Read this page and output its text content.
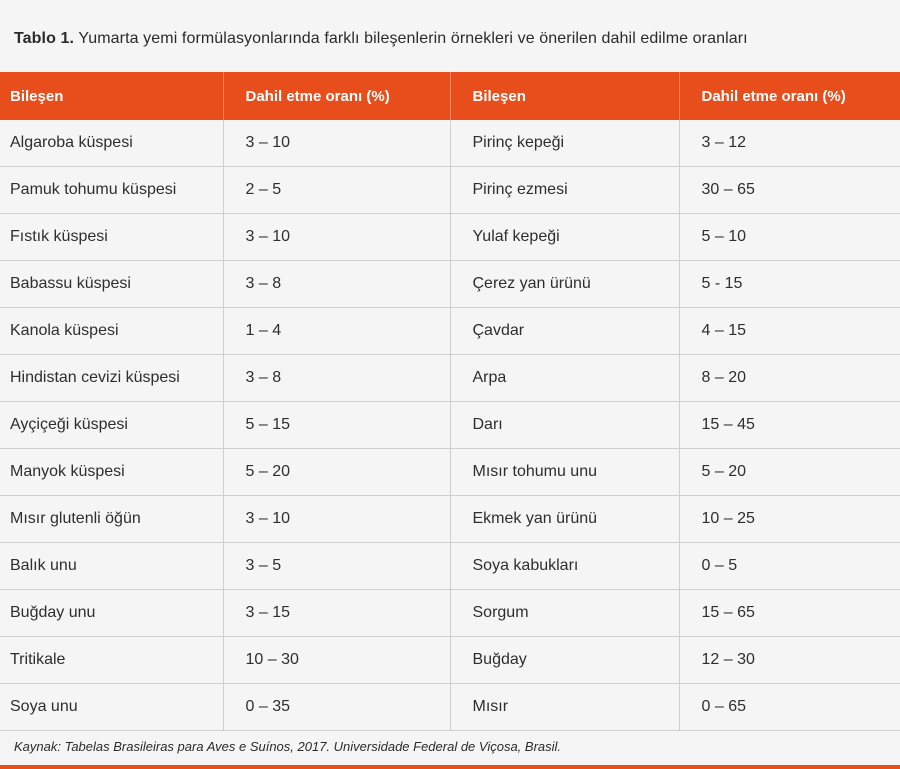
Tablo 1. Yumarta yemi formülasyonlarında farklı bileşenlerin örnekleri ve önerilen dahil edilme oranları
Bileşen	Dahil etme oranı (%)	Bileşen	Dahil etme oranı (%)
Algaroba küspesi	3 – 10	Pirinç kepeği	3 – 12
Pamuk tohumu küspesi	2 – 5	Pirinç ezmesi	30 – 65
Fıstık küspesi	3 – 10	Yulaf kepeği	5 – 10
Babassu küspesi	3 – 8	Çerez yan ürünü	5 - 15
Kanola küspesi	1 – 4	Çavdar	4 – 15
Hindistan cevizi küspesi	3 – 8	Arpa	8 – 20
Ayçiçeği küspesi	5 – 15	Darı	15 – 45
Manyok küspesi	5 – 20	Mısır tohumu unu	5 – 20
Mısır glutenli öğün	3 – 10	Ekmek yan ürünü	10 – 25
Balık unu	3 – 5	Soya kabukları	0 – 5
Buğday unu	3 – 15	Sorgum	15 – 65
Tritikale	10 – 30	Buğday	12 – 30
Soya unu	0 – 35	Mısır	0 – 65
Kaynak: Tabelas Brasileiras para Aves e Suínos, 2017. Universidade Federal de Viçosa, Brasil.
